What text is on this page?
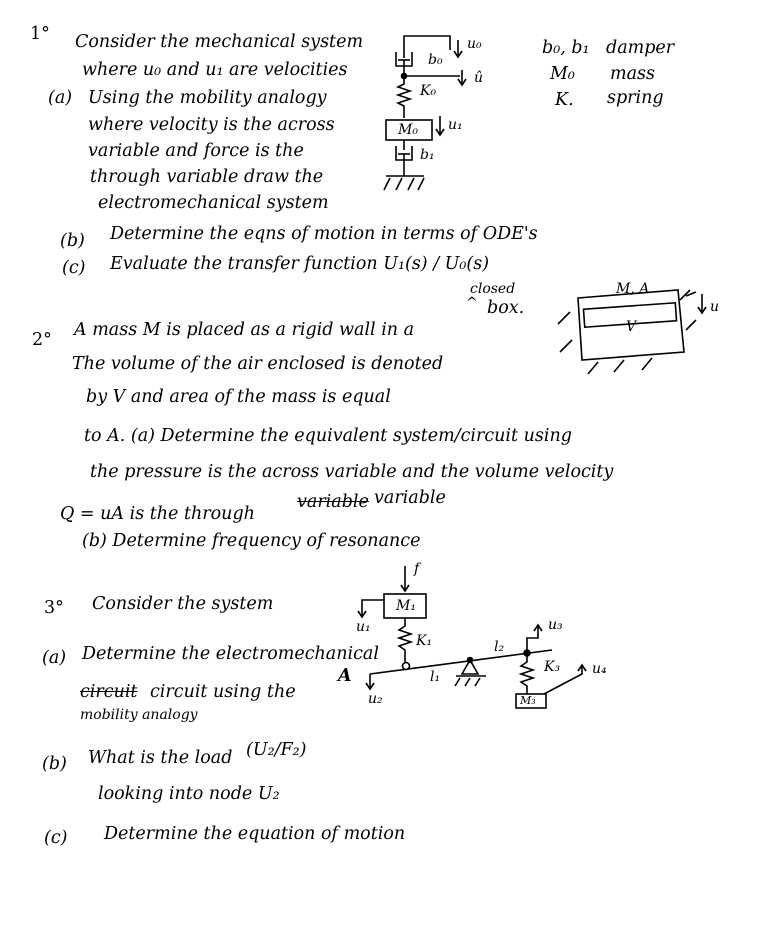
1° Consider the mechanical system
where u₀ and u₁ are velocities
(a) Using the mobility analogy
where velocity is the across
variable and force is the
through variable draw the
electromechanical system
(b) Determine the eqns of motion in terms of ODE's
(c) Evaluate the transfer function U₁(s) / U₀(s)
b₀, b₁ damper
M₀ mass
K. spring
u₀
b₀
û
K₀
M₀ u₁
b₁
2° A mass M is placed as a rigid wall in a
closed
^ box.
The volume of the air enclosed is denoted
by V and area of the mass is equal
to A. (a) Determine the equivalent system/circuit using
the pressure is the across variable and the volume velocity
Q = uA is the through
variable variable
(b) Determine frequency of resonance
M, A
V
u
3° Consider the system
(a) Determine the electromechanical
circuit circuit using the
mobility analogy
(b) What is the load (U₂/F₂)
looking into node U₂
(c) Determine the equation of motion
f
u₁
M₁
K₁
l₁
l₂
u₃
K₃ u₄
M₃
A
u₂
